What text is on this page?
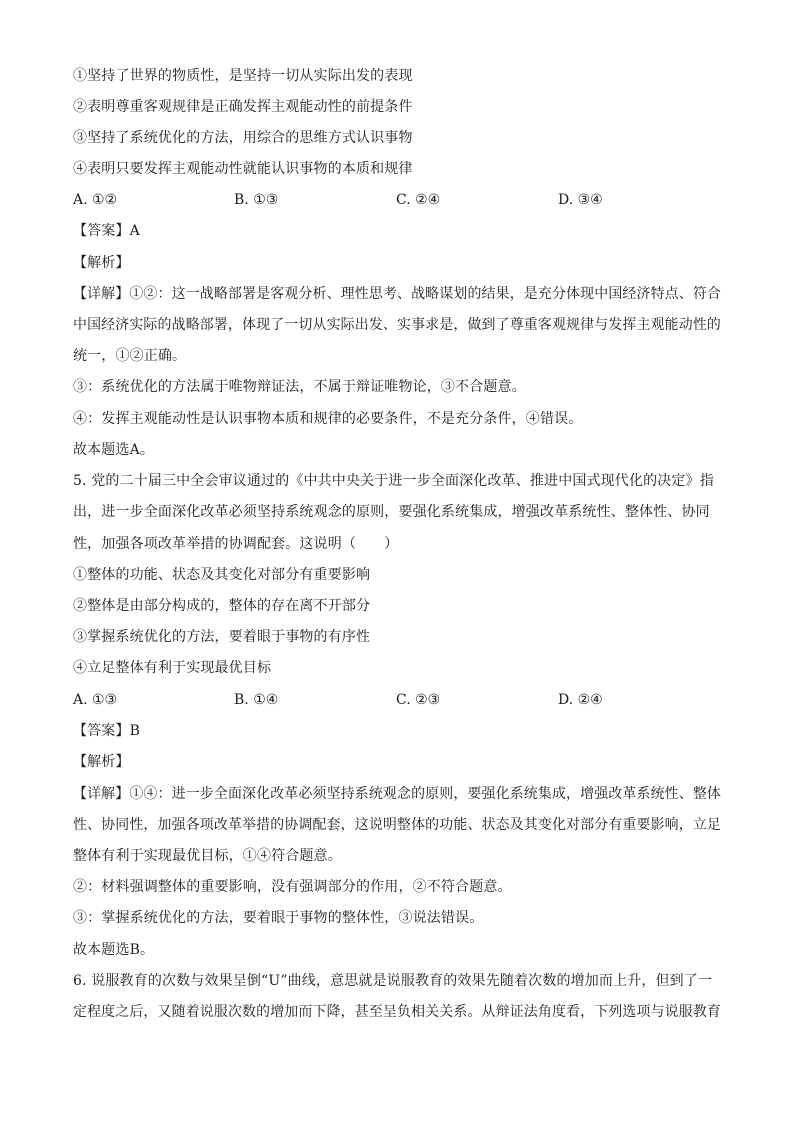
①坚持了世界的物质性，是坚持一切从实际出发的表现
②表明尊重客观规律是正确发挥主观能动性的前提条件
③坚持了系统优化的方法，用综合的思维方式认识事物
④表明只要发挥主观能动性就能认识事物的本质和规律
A. ①②	B. ①③	C. ②④	D. ③④
【答案】A
【解析】
【详解】①②：这一战略部署是客观分析、理性思考、战略谋划的结果，是充分体现中国经济特点、符合
中国经济实际的战略部署，体现了一切从实际出发、实事求是，做到了尊重客观规律与发挥主观能动性的
统一，①②正确。
③：系统优化的方法属于唯物辩证法，不属于辩证唯物论，③不合题意。
④：发挥主观能动性是认识事物本质和规律的必要条件，不是充分条件，④错误。
故本题选A。
5. 党的二十届三中全会审议通过的《中共中央关于进一步全面深化改革、推进中国式现代化的决定》指
出，进一步全面深化改革必须坚持系统观念的原则，要强化系统集成，增强改革系统性、整体性、协同
性，加强各项改革举措的协调配套。这说明（　　）
①整体的功能、状态及其变化对部分有重要影响
②整体是由部分构成的，整体的存在离不开部分
③掌握系统优化的方法，要着眼于事物的有序性
④立足整体有利于实现最优目标
A. ①③	B. ①④	C. ②③	D. ②④
【答案】B
【解析】
【详解】①④：进一步全面深化改革必须坚持系统观念的原则，要强化系统集成，增强改革系统性、整体
性、协同性，加强各项改革举措的协调配套，这说明整体的功能、状态及其变化对部分有重要影响，立足
整体有利于实现最优目标，①④符合题意。
②：材料强调整体的重要影响，没有强调部分的作用，②不符合题意。
③：掌握系统优化的方法，要着眼于事物的整体性，③说法错误。
故本题选B。
6. 说服教育的次数与效果呈倒“U”曲线，意思就是说服教育的效果先随着次数的增加而上升，但到了一
定程度之后，又随着说服次数的增加而下降，甚至呈负相关关系。从辩证法角度看，下列选项与说服教育
